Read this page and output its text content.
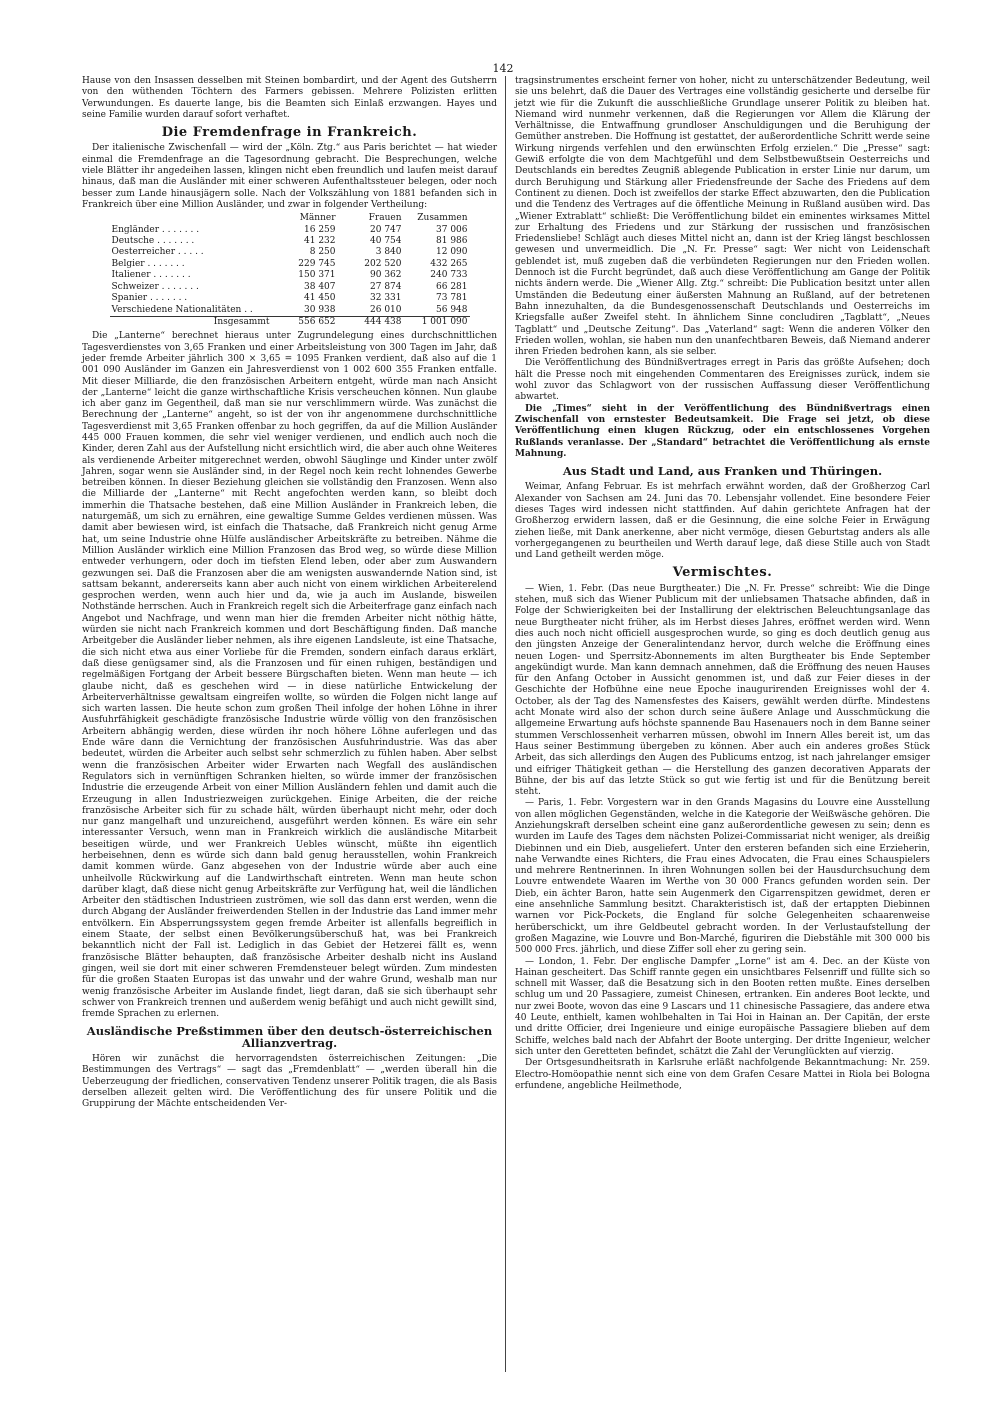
142

Hause von den Insassen desselben mit Steinen bombardirt, und der Agent des Gutsherrn von den wüthenden Töchtern des Farmers gebissen. Mehrere Polizisten erlitten Verwundungen. Es dauerte lange, bis die Beamten sich Einlaß erzwangen. Hayes und seine Familie wurden darauf sofort verhaftet.

Die Fremdenfrage in Frankreich.

Der italienische Zwischenfall — wird der „Köln. Ztg.“ aus Paris berichtet — hat wieder einmal die Fremdenfrage an die Tagesordnung gebracht. Die Besprechungen, welche viele Blätter ihr angedeihen lassen, klingen nicht eben freundlich und laufen meist darauf hinaus, daß man die Ausländer mit einer schweren Aufenthaltssteuer belegen, oder noch besser zum Lande hinausjägern solle. Nach der Volkszählung von 1881 befanden sich in Frankreich über eine Million Ausländer, und zwar in folgender Vertheilung:

	Männer	Frauen	Zusammen
Engländer . . . . . . .	16 259	20 747	37 006
Deutsche . . . . . . .	41 232	40 754	81 986
Oesterreicher . . . . .	8 250	3 840	12 090
Belgier . . . . . . .	229 745	202 520	432 265
Italiener . . . . . . .	150 371	90 362	240 733
Schweizer . . . . . . .	38 407	27 874	66 281
Spanier . . . . . . .	41 450	32 331	73 781
Verschiedene Nationalitäten . .	30 938	26 010	56 948
Insgesammt	556 652	444 438	1 001 090

Die „Lanterne“ berechnet hieraus unter Zugrundelegung eines durchschnittlichen Tagesverdienstes von 3,65 Franken und einer Arbeitsleistung von 300 Tagen im Jahr, daß jeder fremde Arbeiter jährlich 300 × 3,65 = 1095 Franken verdient, daß also auf die 1 001 090 Ausländer im Ganzen ein Jahresverdienst von 1 002 600 355 Franken entfalle. Mit dieser Milliarde, die den französischen Arbeitern entgeht, würde man nach Ansicht der „Lanterne“ leicht die ganze wirthschaftliche Krisis verscheuchen können. Nun glaube ich aber ganz im Gegentheil, daß man sie nur verschlimmern würde. Was zunächst die Berechnung der „Lanterne“ angeht, so ist der von ihr angenommene durchschnittliche Tagesverdienst mit 3,65 Franken offenbar zu hoch gegriffen, da auf die Million Ausländer 445 000 Frauen kommen, die sehr viel weniger verdienen, und endlich auch noch die Kinder, deren Zahl aus der Aufstellung nicht ersichtlich wird, die aber auch ohne Weiteres als verdienende Arbeiter mitgerechnet werden, obwohl Säuglinge und Kinder unter zwölf Jahren, sogar wenn sie Ausländer sind, in der Regel noch kein recht lohnendes Gewerbe betreiben können. In dieser Beziehung gleichen sie vollständig den Franzosen. Wenn also die Milliarde der „Lanterne“ mit Recht angefochten werden kann, so bleibt doch immerhin die Thatsache bestehen, daß eine Million Ausländer in Frankreich leben, die naturgemäß, um sich zu ernähren, eine gewaltige Summe Geldes verdienen müssen. Was damit aber bewiesen wird, ist einfach die Thatsache, daß Frankreich nicht genug Arme hat, um seine Industrie ohne Hülfe ausländischer Arbeitskräfte zu betreiben. Nähme die Million Ausländer wirklich eine Million Franzosen das Brod weg, so würde diese Million entweder verhungern, oder doch im tiefsten Elend leben, oder aber zum Auswandern gezwungen sei. Daß die Franzosen aber die am wenigsten auswandernde Nation sind, ist sattsam bekannt, andererseits kann aber auch nicht von einem wirklichen Arbeiterelend gesprochen werden, wenn auch hier und da, wie ja auch im Auslande, bisweilen Nothstände herrschen. Auch in Frankreich regelt sich die Arbeiterfrage ganz einfach nach Angebot und Nachfrage, und wenn man hier die fremden Arbeiter nicht nöthig hätte, würden sie nicht nach Frankreich kommen und dort Beschäftigung finden. Daß manche Arbeitgeber die Ausländer lieber nehmen, als ihre eigenen Landsleute, ist eine Thatsache, die sich nicht etwa aus einer Vorliebe für die Fremden, sondern einfach daraus erklärt, daß diese genügsamer sind, als die Franzosen und für einen ruhigen, beständigen und regelmäßigen Fortgang der Arbeit bessere Bürgschaften bieten. Wenn man heute — ich glaube nicht, daß es geschehen wird — in diese natürliche Entwickelung der Arbeiterverhältnisse gewaltsam eingreifen wollte, so würden die Folgen nicht lange auf sich warten lassen. Die heute schon zum großen Theil infolge der hohen Löhne in ihrer Ausfuhrfähigkeit geschädigte französische Industrie würde völlig von den französischen Arbeitern abhängig werden, diese würden ihr noch höhere Löhne auferlegen und das Ende wäre dann die Vernichtung der französischen Ausfuhrindustrie. Was das aber bedeutet, würden die Arbeiter auch selbst sehr schmerzlich zu fühlen haben. Aber selbst wenn die französischen Arbeiter wider Erwarten nach Wegfall des ausländischen Regulators sich in vernünftigen Schranken hielten, so würde immer der französischen Industrie die erzeugende Arbeit von einer Million Ausländern fehlen und damit auch die Erzeugung in allen Industriezweigen zurückgehen. Einige Arbeiten, die der reiche französische Arbeiter sich für zu schade hält, würden überhaupt nicht mehr, oder doch nur ganz mangelhaft und unzureichend, ausgeführt werden können. Es wäre ein sehr interessanter Versuch, wenn man in Frankreich wirklich die ausländische Mitarbeit beseitigen würde, und wer Frankreich Uebles wünscht, müßte ihn eigentlich herbeisehnen, denn es würde sich dann bald genug herausstellen, wohin Frankreich damit kommen würde. Ganz abgesehen von der Industrie würde aber auch eine unheilvolle Rückwirkung auf die Landwirthschaft eintreten. Wenn man heute schon darüber klagt, daß diese nicht genug Arbeitskräfte zur Verfügung hat, weil die ländlichen Arbeiter den städtischen Industrieen zuströmen, wie soll das dann erst werden, wenn die durch Abgang der Ausländer freiwerdenden Stellen in der Industrie das Land immer mehr entvölkern. Ein Absperrungssystem gegen fremde Arbeiter ist allenfalls begreiflich in einem Staate, der selbst einen Bevölkerungsüberschuß hat, was bei Frankreich bekanntlich nicht der Fall ist. Lediglich in das Gebiet der Hetzerei fällt es, wenn französische Blätter behaupten, daß französische Arbeiter deshalb nicht ins Ausland gingen, weil sie dort mit einer schweren Fremdensteuer belegt würden. Zum mindesten für die großen Staaten Europas ist das unwahr und der wahre Grund, weshalb man nur wenig französische Arbeiter im Auslande findet, liegt daran, daß sie sich überhaupt sehr schwer von Frankreich trennen und außerdem wenig befähigt und auch nicht gewillt sind, fremde Sprachen zu erlernen.

Ausländische Preßstimmen über den deutsch-österreichischen Allianzvertrag.

Hören wir zunächst die hervorragendsten österreichischen Zeitungen: „Die Bestimmungen des Vertrags“ — sagt das „Fremdenblatt“ — „werden überall hin die Ueberzeugung der friedlichen, conservativen Tendenz unserer Politik tragen, die als Basis derselben allezeit gelten wird. Die Veröffentlichung des für unsere Politik und die Gruppirung der Mächte entscheidenden Ver-

tragsinstrumentes erscheint ferner von hoher, nicht zu unterschätzender Bedeutung, weil sie uns belehrt, daß die Dauer des Vertrages eine vollständig gesicherte und derselbe für jetzt wie für die Zukunft die ausschließliche Grundlage unserer Politik zu bleiben hat. Niemand wird nunmehr verkennen, daß die Regierungen vor Allem die Klärung der Verhältnisse, die Entwaffnung grundloser Anschuldigungen und die Beruhigung der Gemüther anstreben. Die Hoffnung ist gestattet, der außerordentliche Schritt werde seine Wirkung nirgends verfehlen und den erwünschten Erfolg erzielen.“ Die „Presse“ sagt: Gewiß erfolgte die von dem Machtgefühl und dem Selbstbewußtsein Oesterreichs und Deutschlands ein beredtes Zeugniß ablegende Publication in erster Linie nur darum, um durch Beruhigung und Stärkung aller Friedensfreunde der Sache des Friedens auf dem Continent zu dienen. Doch ist zweifellos der starke Effect abzuwarten, den die Publication und die Tendenz des Vertrages auf die öffentliche Meinung in Rußland ausüben wird. Das „Wiener Extrablatt“ schließt: Die Veröffentlichung bildet ein eminentes wirksames Mittel zur Erhaltung des Friedens und zur Stärkung der russischen und französischen Friedensliebe! Schlägt auch dieses Mittel nicht an, dann ist der Krieg längst beschlossen gewesen und unvermeidlich. Die „N. Fr. Presse“ sagt: Wer nicht von Leidenschaft geblendet ist, muß zugeben daß die verbündeten Regierungen nur den Frieden wollen. Dennoch ist die Furcht begründet, daß auch diese Veröffentlichung am Gange der Politik nichts ändern werde. Die „Wiener Allg. Ztg.“ schreibt: Die Publication besitzt unter allen Umständen die Bedeutung einer äußersten Mahnung an Rußland, auf der betretenen Bahn innezuhalten, da die Bundesgenossenschaft Deutschlands und Oesterreichs im Kriegsfalle außer Zweifel steht. In ähnlichem Sinne concludiren „Tagblatt“, „Neues Tagblatt“ und „Deutsche Zeitung“. Das „Vaterland“ sagt: Wenn die anderen Völker den Frieden wollen, wohlan, sie haben nun den unanfechtbaren Beweis, daß Niemand anderer ihren Frieden bedrohen kann, als sie selber.

Die Veröffentlichung des Bündnißvertrages erregt in Paris das größte Aufsehen; doch hält die Presse noch mit eingehenden Commentaren des Ereignisses zurück, indem sie wohl zuvor das Schlagwort von der russischen Auffassung dieser Veröffentlichung abwartet.

Die „Times“ sieht in der Veröffentlichung des Bündnißvertrags einen Zwischenfall von ernstester Bedeutsamkeit. Die Frage sei jetzt, ob diese Veröffentlichung einen klugen Rückzug, oder ein entschlossenes Vorgehen Rußlands veranlasse. Der „Standard“ betrachtet die Veröffentlichung als ernste Mahnung.

Aus Stadt und Land, aus Franken und Thüringen.

Weimar, Anfang Februar. Es ist mehrfach erwähnt worden, daß der Großherzog Carl Alexander von Sachsen am 24. Juni das 70. Lebensjahr vollendet. Eine besondere Feier dieses Tages wird indessen nicht stattfinden. Auf dahin gerichtete Anfragen hat der Großherzog erwidern lassen, daß er die Gesinnung, die eine solche Feier in Erwägung ziehen ließe, mit Dank anerkenne, aber nicht vermöge, diesen Geburtstag anders als alle vorhergegangenen zu beurtheilen und Werth darauf lege, daß diese Stille auch von Stadt und Land getheilt werden möge.

Vermischtes.

— Wien, 1. Febr. (Das neue Burgtheater.) Die „N. Fr. Presse“ schreibt: Wie die Dinge stehen, muß sich das Wiener Publicum mit der unliebsamen Thatsache abfinden, daß in Folge der Schwierigkeiten bei der Installirung der elektrischen Beleuchtungsanlage das neue Burgtheater nicht früher, als im Herbst dieses Jahres, eröffnet werden wird. Wenn dies auch noch nicht officiell ausgesprochen wurde, so ging es doch deutlich genug aus den jüngsten Anzeige der Generalintendanz hervor, durch welche die Eröffnung eines neuen Logen- und Sperrsitz-Abonnements im alten Burgtheater bis Ende September angekündigt wurde. Man kann demnach annehmen, daß die Eröffnung des neuen Hauses für den Anfang October in Aussicht genommen ist, und daß zur Feier dieses in der Geschichte der Hofbühne eine neue Epoche inaugurirenden Ereignisses wohl der 4. October, als der Tag des Namensfestes des Kaisers, gewählt werden dürfte. Mindestens acht Monate wird also der schon durch seine äußere Anlage und Ausschmückung die allgemeine Erwartung aufs höchste spannende Bau Hasenauers noch in dem Banne seiner stummen Verschlossenheit verharren müssen, obwohl im Innern Alles bereit ist, um das Haus seiner Bestimmung übergeben zu können. Aber auch ein anderes großes Stück Arbeit, das sich allerdings den Augen des Publicums entzog, ist nach jahrelanger emsiger und eifriger Thätigkeit gethan — die Herstellung des ganzen decorativen Apparats der Bühne, der bis auf das letzte Stück so gut wie fertig ist und für die Benützung bereit steht.

— Paris, 1. Febr. Vorgestern war in den Grands Magasins du Louvre eine Ausstellung von allen möglichen Gegenständen, welche in die Kategorie der Weißwäsche gehören. Die Anziehungskraft derselben scheint eine ganz außerordentliche gewesen zu sein; denn es wurden im Laufe des Tages dem nächsten Polizei-Commissariat nicht weniger, als dreißig Diebinnen und ein Dieb, ausgeliefert. Unter den ersteren befanden sich eine Erzieherin, nahe Verwandte eines Richters, die Frau eines Advocaten, die Frau eines Schauspielers und mehrere Rentnerinnen. In ihren Wohnungen sollen bei der Hausdurchsuchung dem Louvre entwendete Waaren im Werthe von 30 000 Francs gefunden worden sein. Der Dieb, ein ächter Baron, hatte sein Augenmerk den Cigarrenspitzen gewidmet, deren er eine ansehnliche Sammlung besitzt. Charakteristisch ist, daß der ertappten Diebinnen warnen vor Pick-Pockets, die England für solche Gelegenheiten schaarenweise herüberschickt, um ihre Geldbeutel gebracht worden. In der Verlustaufstellung der großen Magazine, wie Louvre und Bon-Marché, figuriren die Diebstähle mit 300 000 bis 500 000 Frcs. jährlich, und diese Ziffer soll eher zu gering sein.

— London, 1. Febr. Der englische Dampfer „Lorne“ ist am 4. Dec. an der Küste von Hainan gescheitert. Das Schiff rannte gegen ein unsichtbares Felsenriff und füllte sich so schnell mit Wasser, daß die Besatzung sich in den Booten retten mußte. Eines derselben schlug um und 20 Passagiere, zumeist Chinesen, ertranken. Ein anderes Boot leckte, und nur zwei Boote, wovon das eine 9 Lascars und 11 chinesische Passagiere, das andere etwa 40 Leute, enthielt, kamen wohlbehalten in Tai Hoi in Hainan an. Der Capitän, der erste und dritte Officier, drei Ingenieure und einige europäische Passagiere blieben auf dem Schiffe, welches bald nach der Abfahrt der Boote unterging. Der dritte Ingenieur, welcher sich unter den Geretteten befindet, schätzt die Zahl der Verunglückten auf vierzig.

Der Ortsgesundheitsrath in Karlsruhe erläßt nachfolgende Bekanntmachung: Nr. 259. Electro-Homöopathie nennt sich eine von dem Grafen Cesare Mattei in Riola bei Bologna erfundene, angebliche Heilmethode,
